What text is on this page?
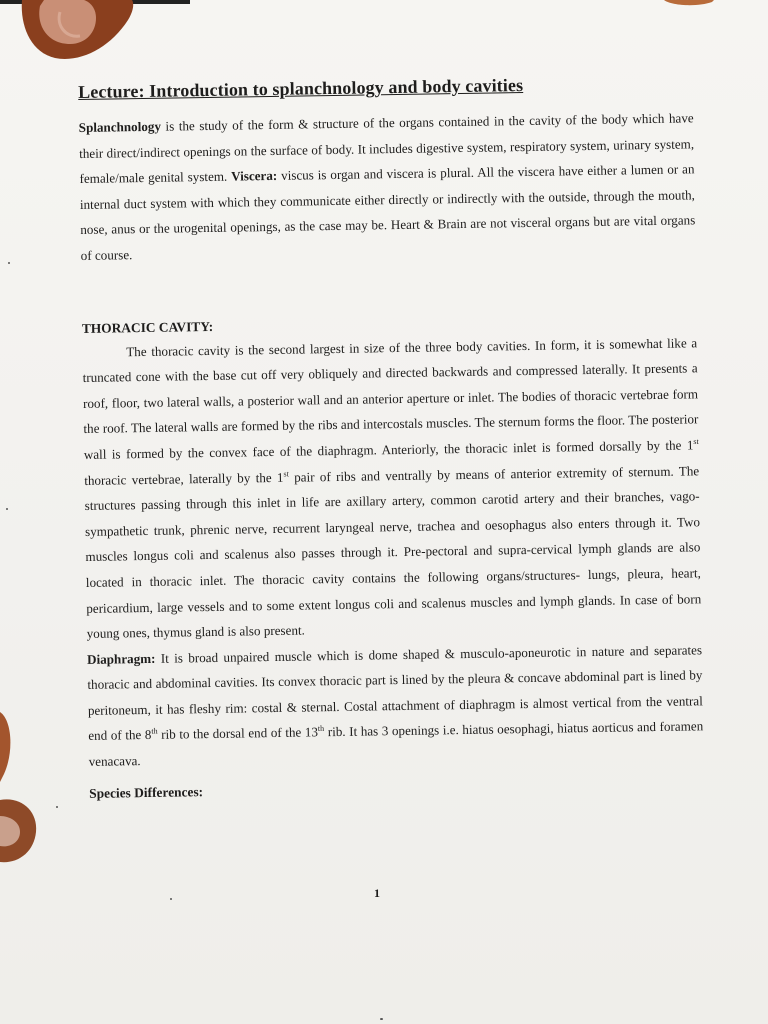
Lecture: Introduction to splanchnology and body cavities

Splanchnology is the study of the form & structure of the organs contained in the cavity of the body which have their direct/indirect openings on the surface of body. It includes digestive system, respiratory system, urinary system, female/male genital system. Viscera: viscus is organ and viscera is plural. All the viscera have either a lumen or an internal duct system with which they communicate either directly or indirectly with the outside, through the mouth, nose, anus or the urogenital openings, as the case may be. Heart & Brain are not visceral organs but are vital organs of course.

THORACIC CAVITY:

The thoracic cavity is the second largest in size of the three body cavities. In form, it is somewhat like a truncated cone with the base cut off very obliquely and directed backwards and compressed laterally. It presents a roof, floor, two lateral walls, a posterior wall and an anterior aperture or inlet. The bodies of thoracic vertebrae form the roof. The lateral walls are formed by the ribs and intercostals muscles. The sternum forms the floor. The posterior wall is formed by the convex face of the diaphragm. Anteriorly, the thoracic inlet is formed dorsally by the 1st thoracic vertebrae, laterally by the 1st pair of ribs and ventrally by means of anterior extremity of sternum. The structures passing through this inlet in life are axillary artery, common carotid artery and their branches, vago-sympathetic trunk, phrenic nerve, recurrent laryngeal nerve, trachea and oesophagus also enters through it. Two muscles longus coli and scalenus also passes through it. Pre-pectoral and supra-cervical lymph glands are also located in thoracic inlet. The thoracic cavity contains the following organs/structures- lungs, pleura, heart, pericardium, large vessels and to some extent longus coli and scalenus muscles and lymph glands. In case of born young ones, thymus gland is also present.

Diaphragm: It is broad unpaired muscle which is dome shaped & musculo-aponeurotic in nature and separates thoracic and abdominal cavities. Its convex thoracic part is lined by the pleura & concave abdominal part is lined by peritoneum, it has fleshy rim: costal & sternal. Costal attachment of diaphragm is almost vertical from the ventral end of the 8th rib to the dorsal end of the 13th rib. It has 3 openings i.e. hiatus oesophagi, hiatus aorticus and foramen venacava.

Species Differences:
1
